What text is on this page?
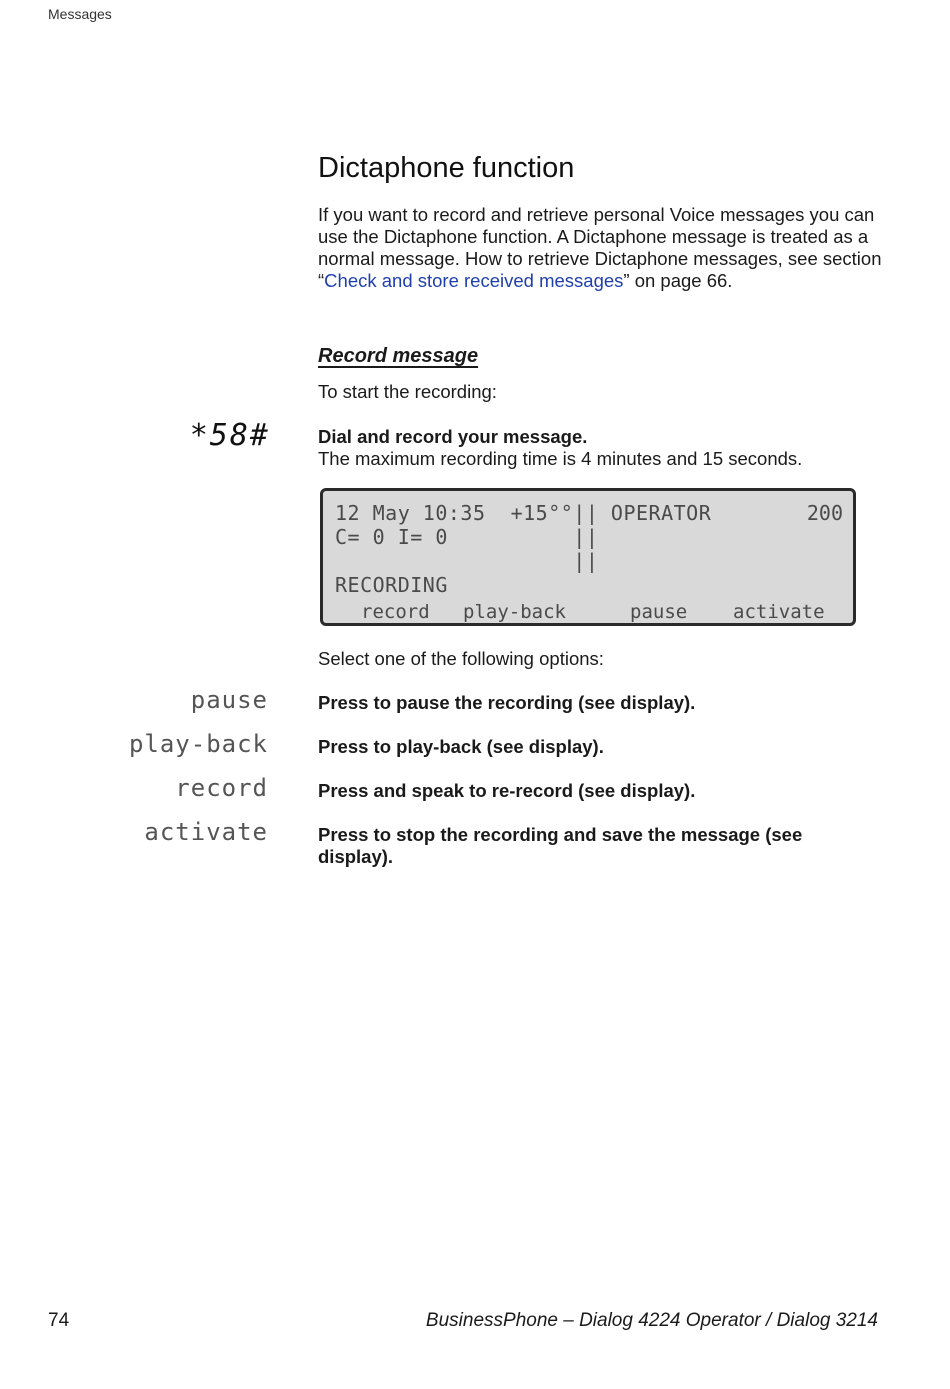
Messages
Dictaphone function

If you want to record and retrieve personal Voice messages you can use the Dictaphone function. A Dictaphone message is treated as a normal message. How to retrieve Dictaphone messages, see section “Check and store received messages” on page 66.

Record message

To start the recording:

*58#	Dial and record your message.
The maximum recording time is 4 minutes and 15 seconds.
12 May 10:35  +15°°|| OPERATOR	200
C= 0 I= 0          ||
||
RECORDING
record play-back	pause activate

Select one of the following options:

pause	Press to pause the recording (see display).
play-back	Press to play-back (see display).
record	Press and speak to re-record (see display).
activate	Press to stop the recording and save the message (see display).
74	BusinessPhone – Dialog 4224 Operator / Dialog 3214
